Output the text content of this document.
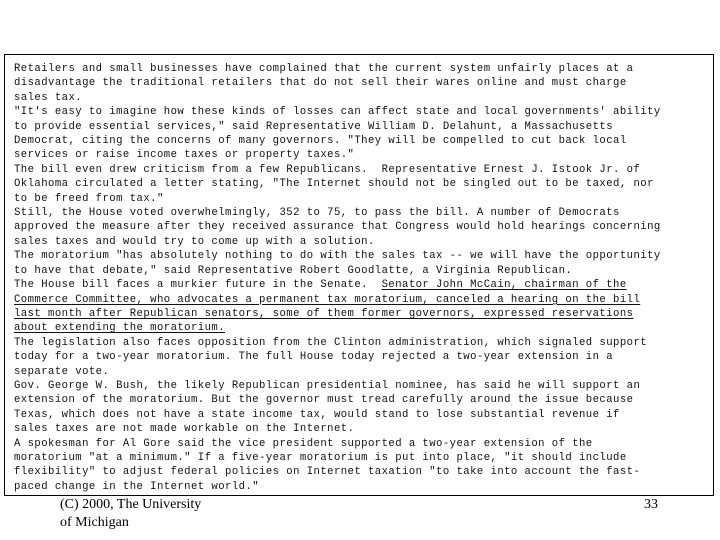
Retailers and small businesses have complained that the current system unfairly places at a
disadvantage the traditional retailers that do not sell their wares online and must charge
sales tax.
"It's easy to imagine how these kinds of losses can affect state and local governments' ability
to provide essential services," said Representative William D. Delahunt, a Massachusetts
Democrat, citing the concerns of many governors. "They will be compelled to cut back local
services or raise income taxes or property taxes."
The bill even drew criticism from a few Republicans.  Representative Ernest J. Istook Jr. of
Oklahoma circulated a letter stating, "The Internet should not be singled out to be taxed, nor
to be freed from tax."
Still, the House voted overwhelmingly, 352 to 75, to pass the bill. A number of Democrats
approved the measure after they received assurance that Congress would hold hearings concerning
sales taxes and would try to come up with a solution.
The moratorium "has absolutely nothing to do with the sales tax -- we will have the opportunity
to have that debate," said Representative Robert Goodlatte, a Virginia Republican.
The House bill faces a murkier future in the Senate.  Senator John McCain, chairman of the
Commerce Committee, who advocates a permanent tax moratorium, canceled a hearing on the bill
last month after Republican senators, some of them former governors, expressed reservations
about extending the moratorium.
The legislation also faces opposition from the Clinton administration, which signaled support
today for a two-year moratorium. The full House today rejected a two-year extension in a
separate vote.
Gov. George W. Bush, the likely Republican presidential nominee, has said he will support an
extension of the moratorium. But the governor must tread carefully around the issue because
Texas, which does not have a state income tax, would stand to lose substantial revenue if
sales taxes are not made workable on the Internet.
A spokesman for Al Gore said the vice president supported a two-year extension of the
moratorium "at a minimum." If a five-year moratorium is put into place, "it should include
flexibility" to adjust federal policies on Internet taxation "to take into account the fast-
paced change in the Internet world."
(C) 2000, The University
of Michigan
33
